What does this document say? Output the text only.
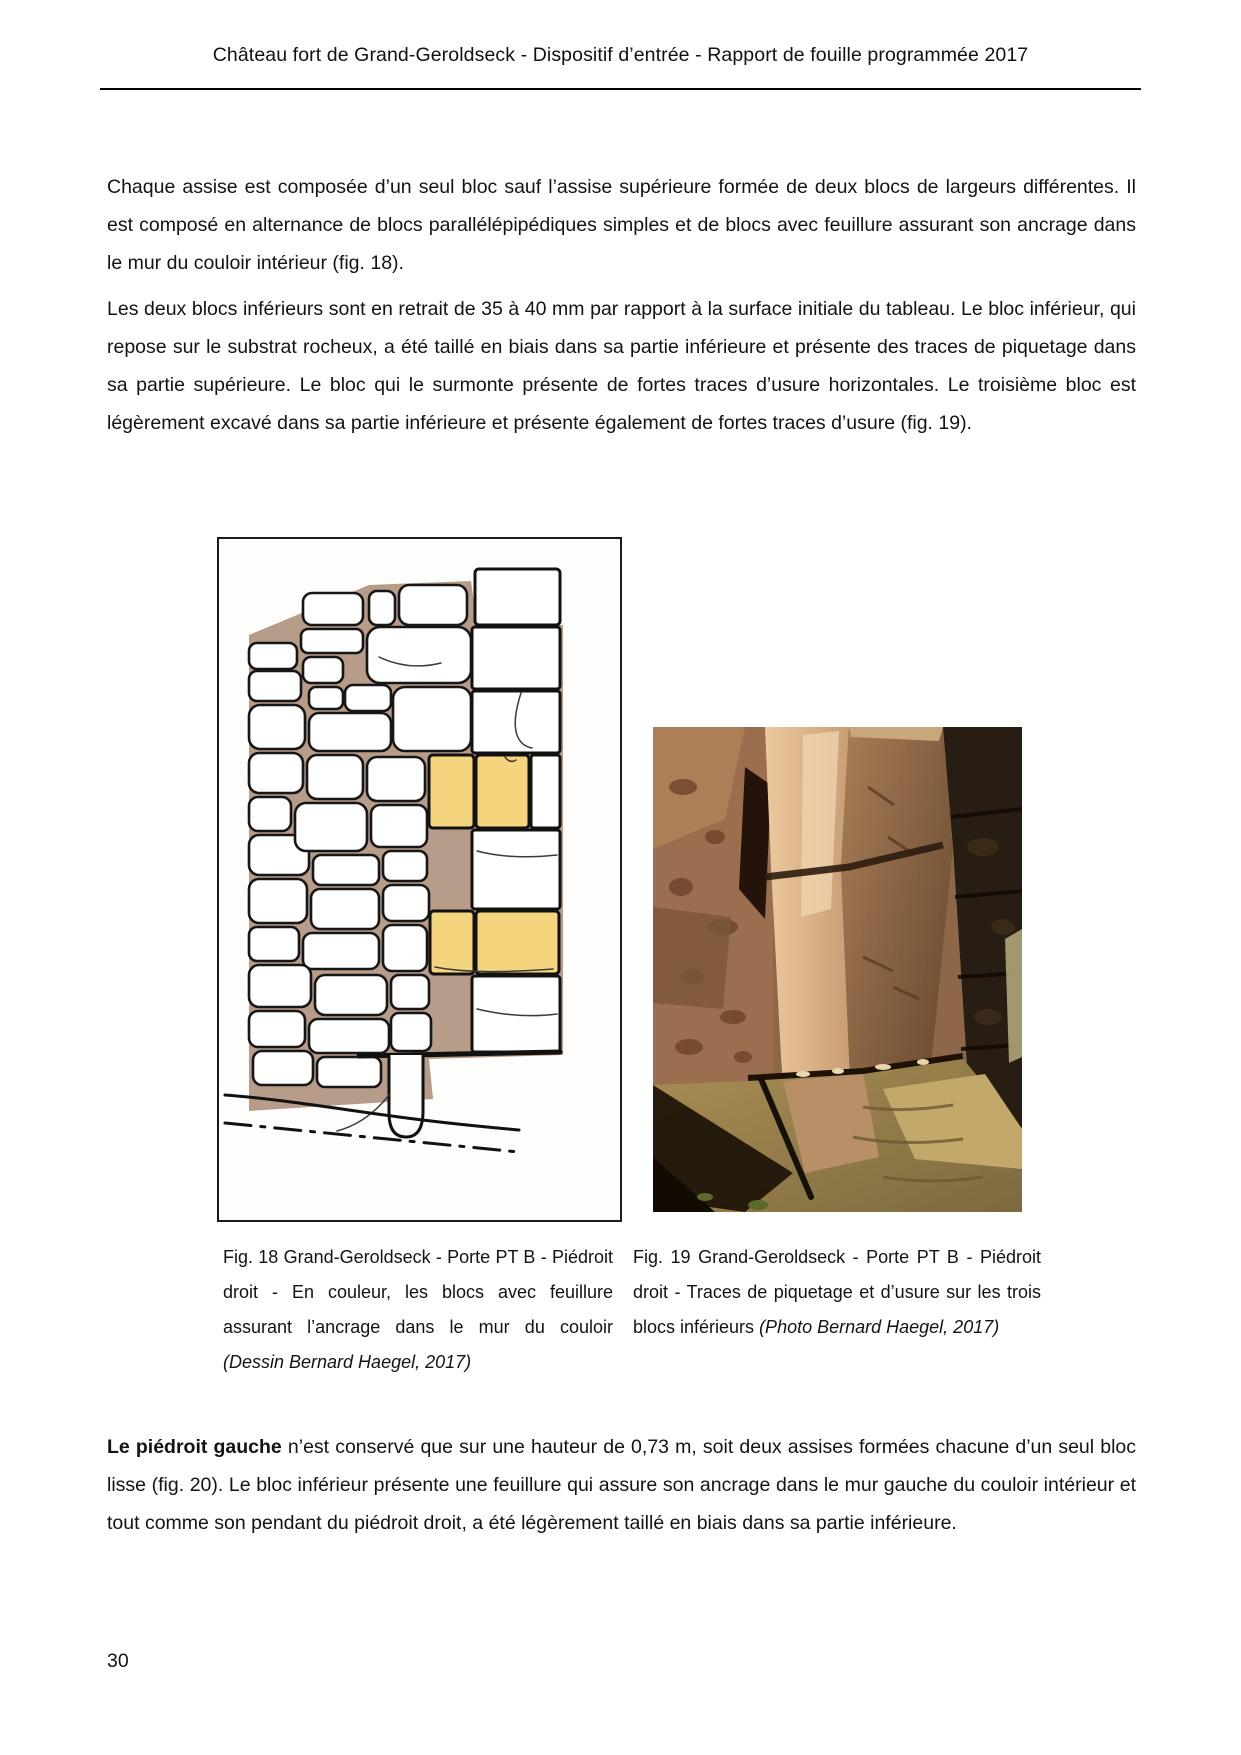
Château fort de Grand-Geroldseck - Dispositif d’entrée - Rapport de fouille programmée 2017

Chaque assise est composée d’un seul bloc sauf l’assise supérieure formée de deux blocs de largeurs différentes. Il est composé en alternance de blocs parallélépipédiques simples et de blocs avec feuillure assurant son ancrage dans le mur du couloir intérieur (fig. 18).

Les deux blocs inférieurs sont en retrait de 35 à 40 mm par rapport à la surface initiale du tableau. Le bloc inférieur, qui repose sur le substrat rocheux, a été taillé en biais dans sa partie inférieure et présente des traces de piquetage dans sa partie supérieure. Le bloc qui le surmonte présente de fortes traces d’usure horizontales. Le troisième bloc est légèrement excavé dans sa partie inférieure et présente également de fortes traces d’usure (fig. 19).

Fig. 18 Grand-Geroldseck - Porte PT B - Piédroit droit - En couleur, les blocs avec feuillure assurant l’ancrage dans le mur du couloir (Dessin Bernard Haegel, 2017)
Fig. 19 Grand-Geroldseck - Porte PT B - Piédroit droit - Traces de piquetage et d’usure sur les trois blocs inférieurs (Photo Bernard Haegel, 2017)

Le piédroit gauche n’est conservé que sur une hauteur de 0,73 m, soit deux assises formées chacune d’un seul bloc lisse (fig. 20). Le bloc inférieur présente une feuillure qui assure son ancrage dans le mur gauche du couloir intérieur et tout comme son pendant du piédroit droit, a été légèrement taillé en biais dans sa partie inférieure.

30
